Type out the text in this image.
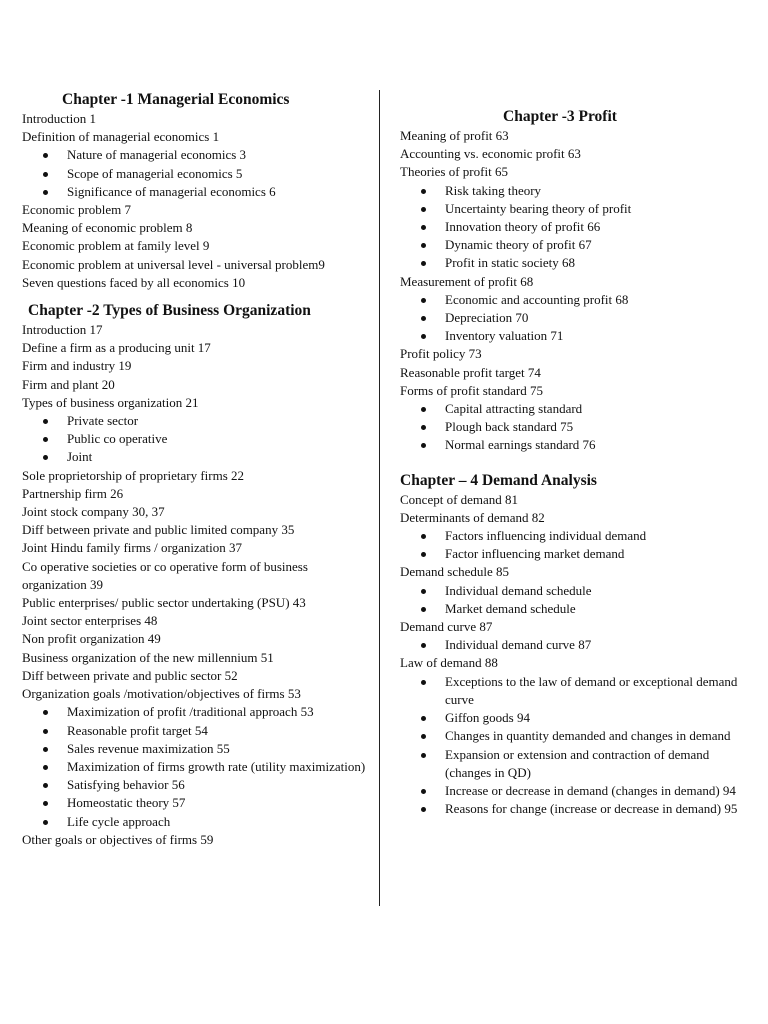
Chapter -1 Managerial Economics
Introduction 1
Definition of managerial economics 1
Nature of managerial economics 3
Scope of managerial economics 5
Significance of managerial economics 6
Economic problem 7
Meaning of economic problem 8
Economic problem at family level 9
Economic problem at universal level - universal problem9
Seven questions faced by all economics 10
Chapter -2 Types of Business Organization
Introduction 17
Define a firm as a producing unit 17
Firm and industry 19
Firm and plant 20
Types of business organization 21
Private sector
Public co operative
Joint
Sole proprietorship of proprietary firms 22
Partnership firm 26
Joint stock company 30, 37
Diff between private and public limited company 35
Joint Hindu family firms / organization 37
Co operative societies or co operative form of business organization 39
Public enterprises/ public sector undertaking (PSU) 43
Joint sector enterprises 48
Non profit organization 49
Business organization of the new millennium 51
Diff between private and public sector 52
Organization goals /motivation/objectives of firms 53
Maximization of profit /traditional approach 53
Reasonable profit target 54
Sales revenue maximization 55
Maximization of firms growth rate (utility maximization)
Satisfying behavior 56
Homeostatic theory 57
Life cycle approach
Other goals or objectives of firms 59
Chapter -3 Profit
Meaning of profit 63
Accounting vs. economic profit 63
Theories of profit 65
Risk taking theory
Uncertainty bearing theory of profit
Innovation theory of profit 66
Dynamic theory of profit 67
Profit in static society 68
Measurement of profit 68
Economic and accounting profit 68
Depreciation 70
Inventory valuation 71
Profit policy 73
Reasonable profit target 74
Forms of profit standard 75
Capital attracting standard
Plough back standard 75
Normal earnings standard 76
Chapter – 4 Demand Analysis
Concept of demand 81
Determinants of demand 82
Factors influencing individual demand
Factor influencing market demand
Demand schedule 85
Individual demand schedule
Market demand schedule
Demand curve 87
Individual demand curve 87
Law of demand 88
Exceptions to the law of demand or exceptional demand curve
Giffon goods 94
Changes in quantity demanded and changes in demand
Expansion or extension and contraction of demand (changes in QD)
Increase or decrease in demand (changes in demand) 94
Reasons for change (increase or decrease in demand) 95
